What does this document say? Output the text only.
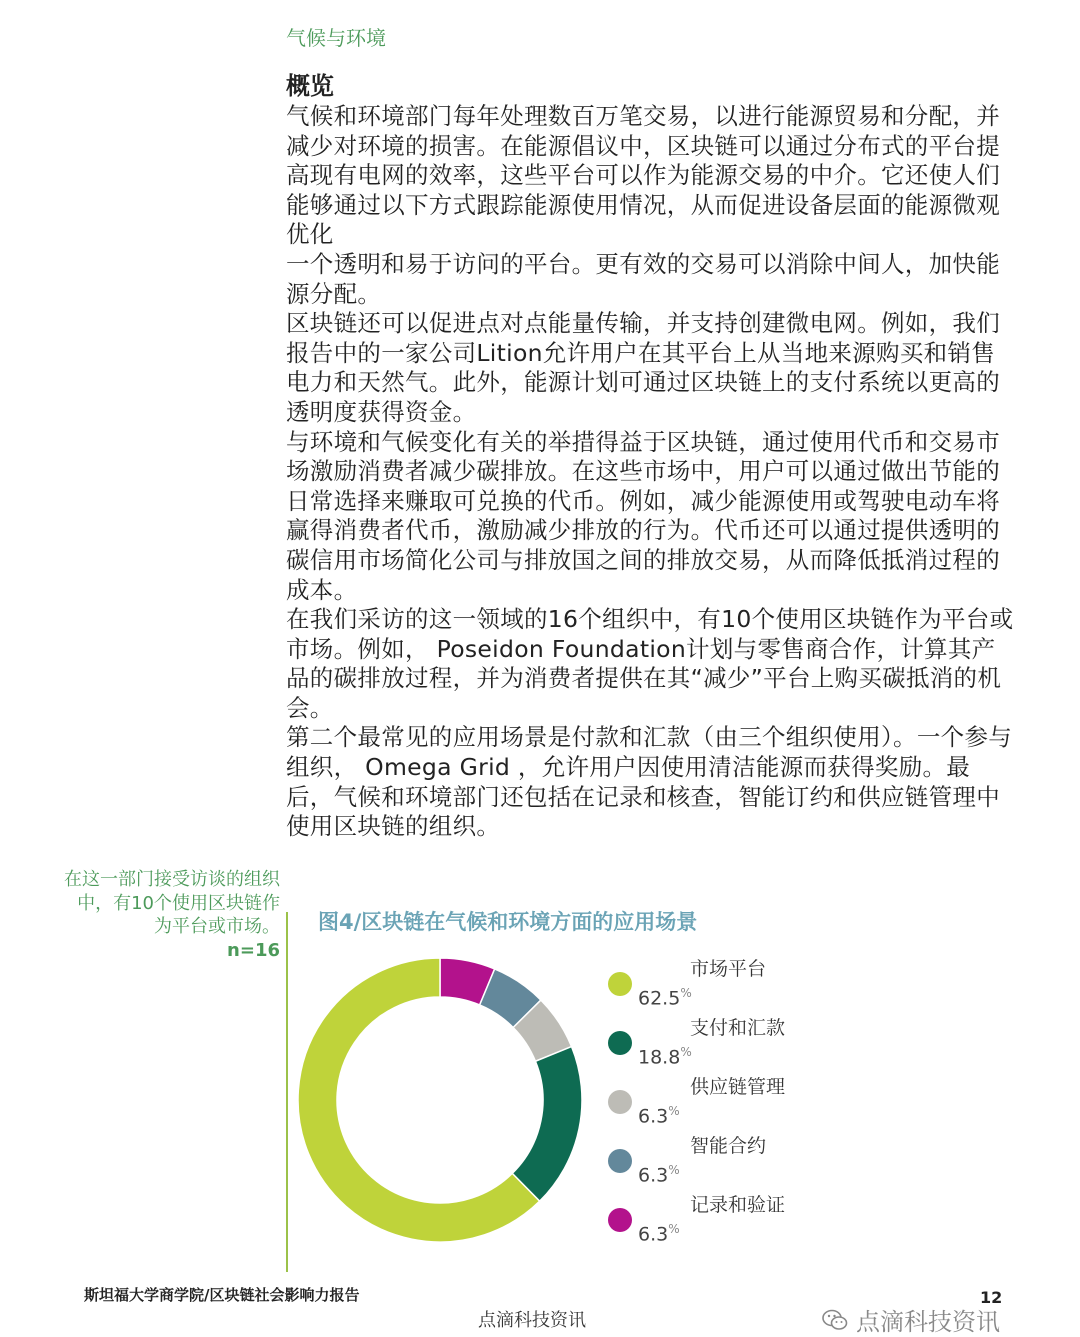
气候与环境
概览

气候和环境部门每年处理数百万笔交易，以进行能源贸易和分配，并减少对环境的损害。在能源倡议中，区块链可以通过分布式的平台提高现有电网的效率，这些平台可以作为能源交易的中介。它还使人们能够通过以下方式跟踪能源使用情况，从而促进设备层面的能源微观优化

一个透明和易于访问的平台。更有效的交易可以消除中间人，加快能源分配。

区块链还可以促进点对点能量传输，并支持创建微电网。例如，我们报告中的一家公司Lition允许用户在其平台上从当地来源购买和销售电力和天然气。此外，能源计划可通过区块链上的支付系统以更高的透明度获得资金。

与环境和气候变化有关的举措得益于区块链，通过使用代币和交易市场激励消费者减少碳排放。在这些市场中，用户可以通过做出节能的日常选择来赚取可兑换的代币。例如，减少能源使用或驾驶电动车将赢得消费者代币，激励减少排放的行为。代币还可以通过提供透明的碳信用市场简化公司与排放国之间的排放交易，从而降低抵消过程的成本。

在我们采访的这一领域的16个组织中，有10个使用区块链作为平台或市场。例如， Poseidon Foundation计划与零售商合作，计算其产品的碳排放过程，并为消费者提供在其“减少”平台上购买碳抵消的机会。

第二个最常见的应用场景是付款和汇款（由三个组织使用）。一个参与组织， Omega Grid ，允许用户因使用清洁能源而获得奖励。最后，气候和环境部门还包括在记录和核查，智能订约和供应链管理中使用区块链的组织。

在这一部门接受访谈的组织中，有10个使用区块链作为平台或市场。
n=16
图4/区块链在气候和环境方面的应用场景
市场平台
62.5%
支付和汇款
18.8%
供应链管理
6.3%
智能合约
6.3%
记录和验证
6.3%
斯坦福大学商学院/区块链社会影响力报告	12
点滴科技资讯	点滴科技资讯
